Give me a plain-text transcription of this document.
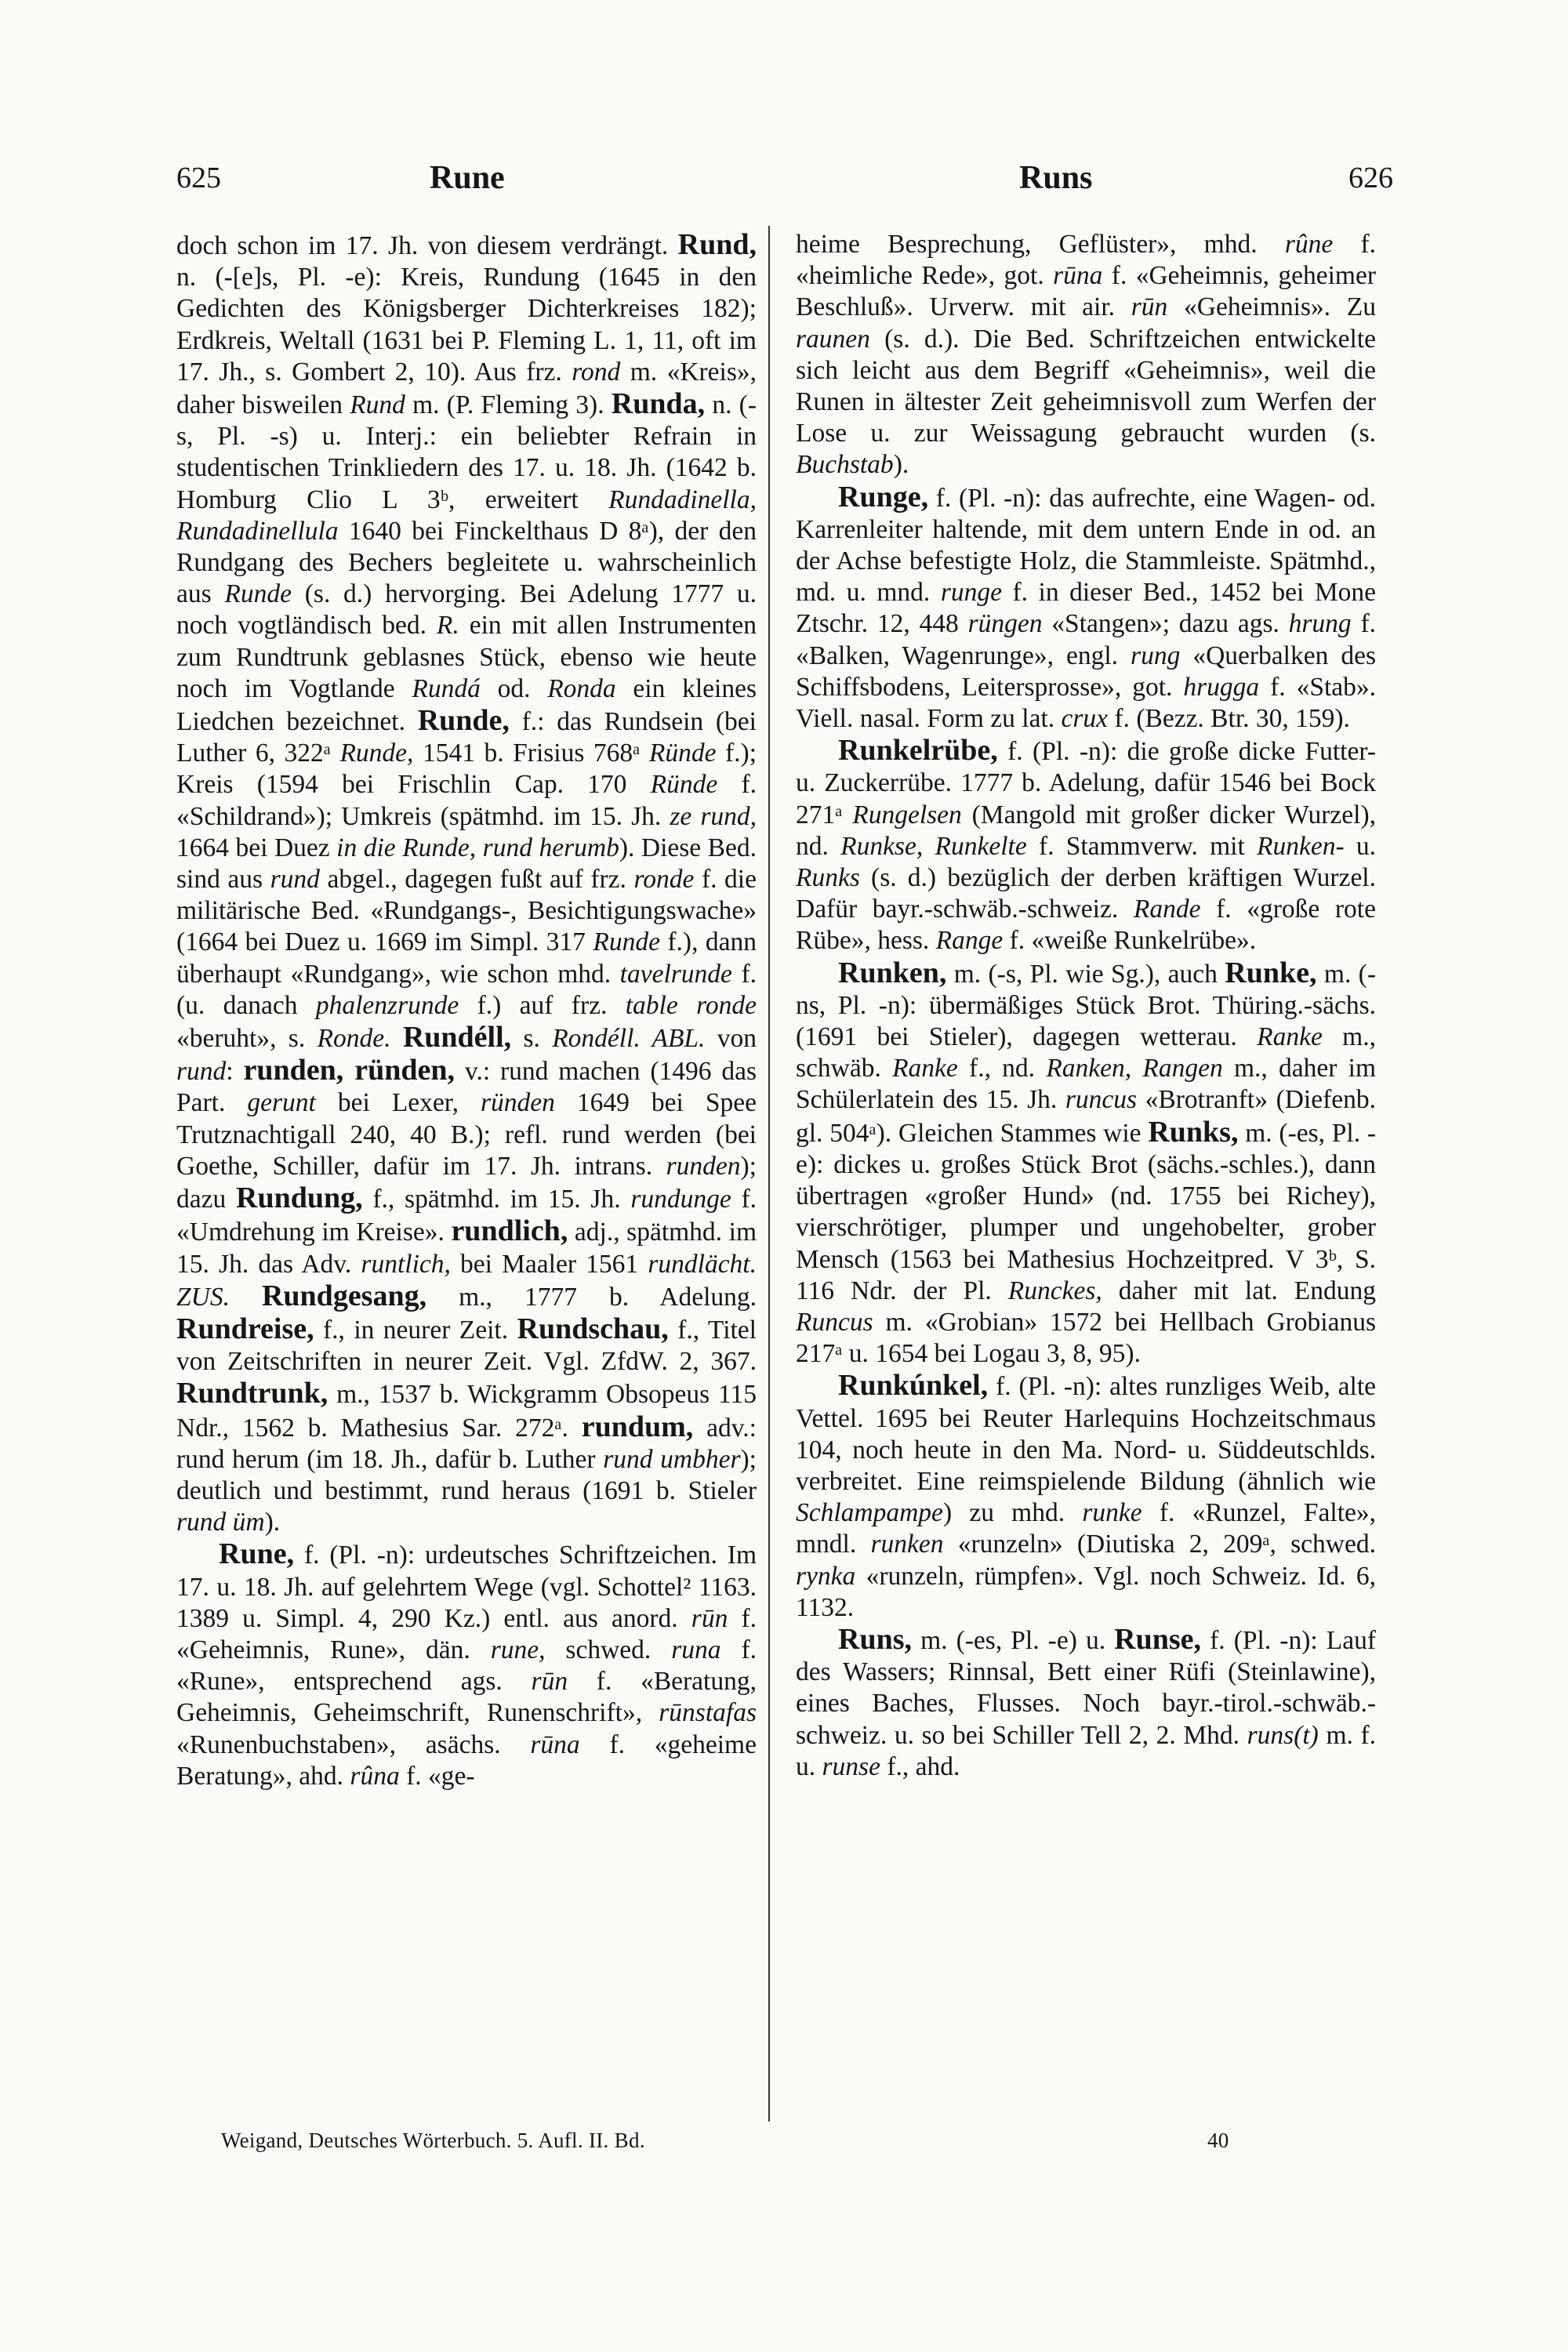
625	Rune	Runs	626

doch schon im 17. Jh. von diesem verdrängt. Rund, n. (-[e]s, Pl. -e): Kreis, Rundung (1645 in den Gedichten des Königsberger Dichterkreises 182); Erdkreis, Weltall (1631 bei P. Fleming L. 1, 11, oft im 17. Jh., s. Gombert 2, 10). Aus frz. rond m. «Kreis», daher bisweilen Rund m. (P. Fleming 3). Runda, n. (-s, Pl. -s) u. Interj.: ein beliebter Refrain in studentischen Trinkliedern des 17. u. 18. Jh. (1642 b. Homburg Clio L 3ᵇ, erweitert Rundadinella, Rundadinellula 1640 bei Finckelthaus D 8ᵃ), der den Rundgang des Bechers begleitete u. wahrscheinlich aus Runde (s. d.) hervorging. Bei Adelung 1777 u. noch vogtländisch bed. R. ein mit allen Instrumenten zum Rundtrunk geblasnes Stück, ebenso wie heute noch im Vogtlande Rundá od. Ronda ein kleines Liedchen bezeichnet. Runde, f.: das Rundsein (bei Luther 6, 322ᵃ Runde, 1541 b. Frisius 768ᵃ Ründe f.); Kreis (1594 bei Frischlin Cap. 170 Ründe f. «Schildrand»); Umkreis (spätmhd. im 15. Jh. ze rund, 1664 bei Duez in die Runde, rund herumb). Diese Bed. sind aus rund abgel., dagegen fußt auf frz. ronde f. die militärische Bed. «Rundgangs-, Besichtigungswache» (1664 bei Duez u. 1669 im Simpl. 317 Runde f.), dann überhaupt «Rundgang», wie schon mhd. tavelrunde f. (u. danach phalenzrunde f.) auf frz. table ronde «beruht», s. Ronde. Rundéll, s. Rondéll. ABL. von rund: runden, ründen, v.: rund machen (1496 das Part. gerunt bei Lexer, ründen 1649 bei Spee Trutznachtigall 240, 40 B.); refl. rund werden (bei Goethe, Schiller, dafür im 17. Jh. intrans. runden); dazu Rundung, f., spätmhd. im 15. Jh. rundunge f. «Umdrehung im Kreise». rundlich, adj., spätmhd. im 15. Jh. das Adv. runtlich, bei Maaler 1561 rundlächt. ZUS. Rundgesang, m., 1777 b. Adelung. Rundreise, f., in neurer Zeit. Rundschau, f., Titel von Zeitschriften in neurer Zeit. Vgl. ZfdW. 2, 367. Rundtrunk, m., 1537 b. Wickgramm Obsopeus 115 Ndr., 1562 b. Mathesius Sar. 272ᵃ. rundum, adv.: rund herum (im 18. Jh., dafür b. Luther rund umbher); deutlich und bestimmt, rund heraus (1691 b. Stieler rund üm).

Rune, f. (Pl. -n): urdeutsches Schriftzeichen. Im 17. u. 18. Jh. auf gelehrtem Wege (vgl. Schottel² 1163. 1389 u. Simpl. 4, 290 Kz.) entl. aus anord. rūn f. «Geheimnis, Rune», dän. rune, schwed. runa f. «Rune», entsprechend ags. rūn f. «Beratung, Geheimnis, Geheimschrift, Runenschrift», rūnstafas «Runenbuchstaben», asächs. rūna f. «geheime Beratung», ahd. rûna f. «ge-

heime Besprechung, Geflüster», mhd. rûne f. «heimliche Rede», got. rūna f. «Geheimnis, geheimer Beschluß». Urverw. mit air. rūn «Geheimnis». Zu raunen (s. d.). Die Bed. Schriftzeichen entwickelte sich leicht aus dem Begriff «Geheimnis», weil die Runen in ältester Zeit geheimnisvoll zum Werfen der Lose u. zur Weissagung gebraucht wurden (s. Buchstab).

Runge, f. (Pl. -n): das aufrechte, eine Wagen- od. Karrenleiter haltende, mit dem untern Ende in od. an der Achse befestigte Holz, die Stammleiste. Spätmhd., md. u. mnd. runge f. in dieser Bed., 1452 bei Mone Ztschr. 12, 448 rüngen «Stangen»; dazu ags. hrung f. «Balken, Wagenrunge», engl. rung «Querbalken des Schiffsbodens, Leitersprosse», got. hrugga f. «Stab». Viell. nasal. Form zu lat. crux f. (Bezz. Btr. 30, 159).

Runkelrübe, f. (Pl. -n): die große dicke Futter- u. Zuckerrübe. 1777 b. Adelung, dafür 1546 bei Bock 271ᵃ Rungelsen (Mangold mit großer dicker Wurzel), nd. Runkse, Runkelte f. Stammverw. mit Runken- u. Runks (s. d.) bezüglich der derben kräftigen Wurzel. Dafür bayr.-schwäb.-schweiz. Rande f. «große rote Rübe», hess. Range f. «weiße Runkelrübe».

Runken, m. (-s, Pl. wie Sg.), auch Runke, m. (-ns, Pl. -n): übermäßiges Stück Brot. Thüring.-sächs. (1691 bei Stieler), dagegen wetterau. Ranke m., schwäb. Ranke f., nd. Ranken, Rangen m., daher im Schülerlatein des 15. Jh. runcus «Brotranft» (Diefenb. gl. 504ᵃ). Gleichen Stammes wie Runks, m. (-es, Pl. -e): dickes u. großes Stück Brot (sächs.-schles.), dann übertragen «großer Hund» (nd. 1755 bei Richey), vierschrötiger, plumper und ungehobelter, grober Mensch (1563 bei Mathesius Hochzeitpred. V 3ᵇ, S. 116 Ndr. der Pl. Runckes, daher mit lat. Endung Runcus m. «Grobian» 1572 bei Hellbach Grobianus 217ᵃ u. 1654 bei Logau 3, 8, 95).

Runkúnkel, f. (Pl. -n): altes runzliges Weib, alte Vettel. 1695 bei Reuter Harlequins Hochzeitschmaus 104, noch heute in den Ma. Nord- u. Süddeutschlds. verbreitet. Eine reimspielende Bildung (ähnlich wie Schlampampe) zu mhd. runke f. «Runzel, Falte», mndl. runken «runzeln» (Diutiska 2, 209ᵃ, schwed. rynka «runzeln, rümpfen». Vgl. noch Schweiz. Id. 6, 1132.

Runs, m. (-es, Pl. -e) u. Runse, f. (Pl. -n): Lauf des Wassers; Rinnsal, Bett einer Rüfi (Steinlawine), eines Baches, Flusses. Noch bayr.-tirol.-schwäb.-schweiz. u. so bei Schiller Tell 2, 2. Mhd. runs(t) m. f. u. runse f., ahd.

Weigand, Deutsches Wörterbuch. 5. Aufl. II. Bd.	40
